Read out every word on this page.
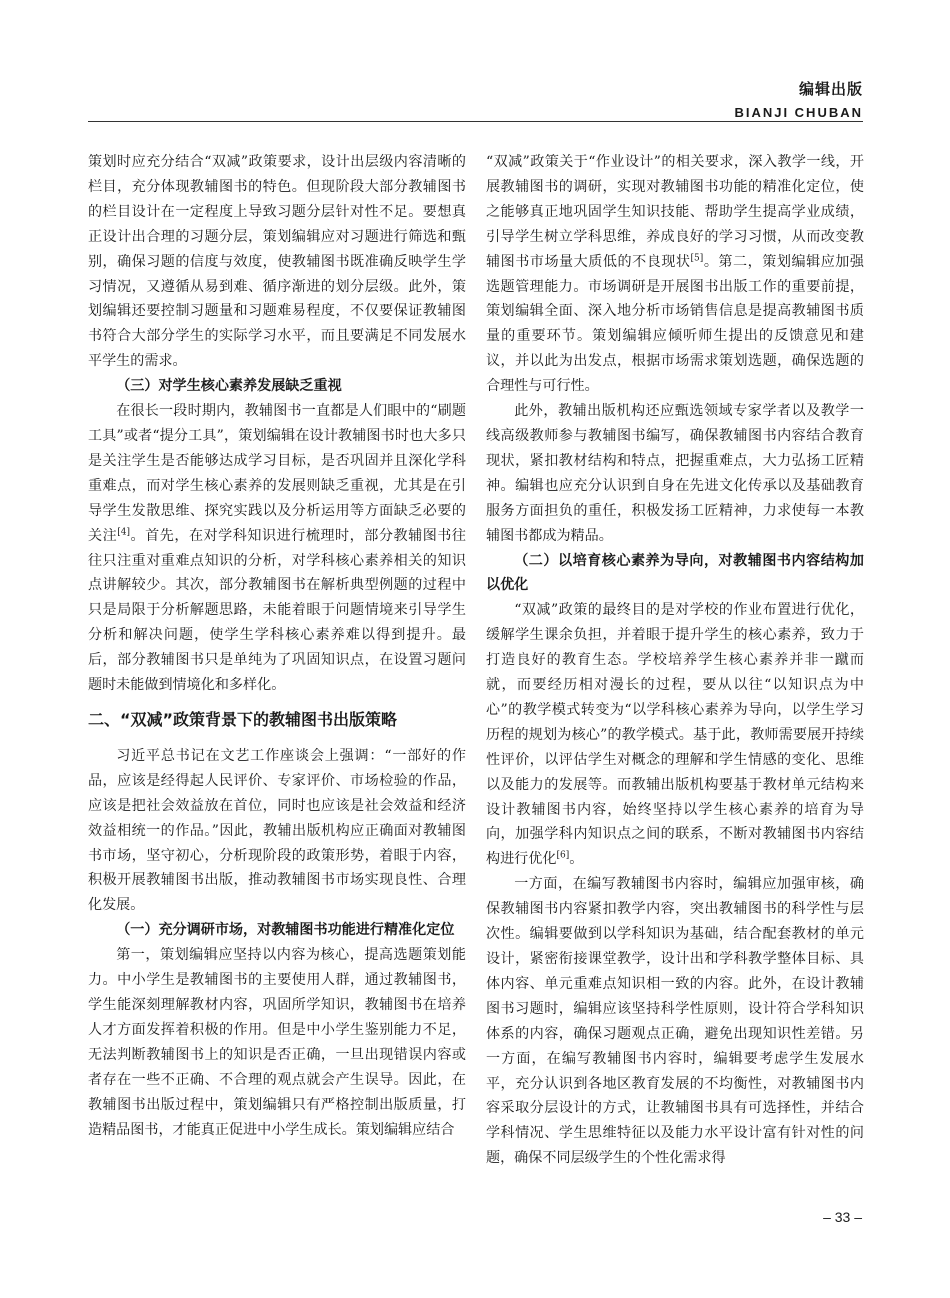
编辑出版
BIANJI CHUBAN

策划时应充分结合“双减”政策要求，设计出层级内容清晰的栏目，充分体现教辅图书的特色。但现阶段大部分教辅图书的栏目设计在一定程度上导致习题分层针对性不足。要想真正设计出合理的习题分层，策划编辑应对习题进行筛选和甄别，确保习题的信度与效度，使教辅图书既准确反映学生学习情况，又遵循从易到难、循序渐进的划分层级。此外，策划编辑还要控制习题量和习题难易程度，不仅要保证教辅图书符合大部分学生的实际学习水平，而且要满足不同发展水平学生的需求。

（三）对学生核心素养发展缺乏重视

在很长一段时期内，教辅图书一直都是人们眼中的“刷题工具”或者“提分工具”，策划编辑在设计教辅图书时也大多只是关注学生是否能够达成学习目标，是否巩固并且深化学科重难点，而对学生核心素养的发展则缺乏重视，尤其是在引导学生发散思维、探究实践以及分析运用等方面缺乏必要的关注[4]。首先，在对学科知识进行梳理时，部分教辅图书往往只注重对重难点知识的分析，对学科核心素养相关的知识点讲解较少。其次，部分教辅图书在解析典型例题的过程中只是局限于分析解题思路，未能着眼于问题情境来引导学生分析和解决问题，使学生学科核心素养难以得到提升。最后，部分教辅图书只是单纯为了巩固知识点，在设置习题问题时未能做到情境化和多样化。

二、“双减”政策背景下的教辅图书出版策略

习近平总书记在文艺工作座谈会上强调：“一部好的作品，应该是经得起人民评价、专家评价、市场检验的作品，应该是把社会效益放在首位，同时也应该是社会效益和经济效益相统一的作品。”因此，教辅出版机构应正确面对教辅图书市场，坚守初心，分析现阶段的政策形势，着眼于内容，积极开展教辅图书出版，推动教辅图书市场实现良性、合理化发展。

（一）充分调研市场，对教辅图书功能进行精准化定位

第一，策划编辑应坚持以内容为核心，提高选题策划能力。中小学生是教辅图书的主要使用人群，通过教辅图书，学生能深刻理解教材内容，巩固所学知识，教辅图书在培养人才方面发挥着积极的作用。但是中小学生鉴别能力不足，无法判断教辅图书上的知识是否正确，一旦出现错误内容或者存在一些不正确、不合理的观点就会产生误导。因此，在教辅图书出版过程中，策划编辑只有严格控制出版质量，打造精品图书，才能真正促进中小学生成长。策划编辑应结合

“双减”政策关于“作业设计”的相关要求，深入教学一线，开展教辅图书的调研，实现对教辅图书功能的精准化定位，使之能够真正地巩固学生知识技能、帮助学生提高学业成绩，引导学生树立学科思维，养成良好的学习习惯，从而改变教辅图书市场量大质低的不良现状[5]。第二，策划编辑应加强选题管理能力。市场调研是开展图书出版工作的重要前提，策划编辑全面、深入地分析市场销售信息是提高教辅图书质量的重要环节。策划编辑应倾听师生提出的反馈意见和建议，并以此为出发点，根据市场需求策划选题，确保选题的合理性与可行性。

此外，教辅出版机构还应甄选领域专家学者以及教学一线高级教师参与教辅图书编写，确保教辅图书内容结合教育现状，紧扣教材结构和特点，把握重难点，大力弘扬工匠精神。编辑也应充分认识到自身在先进文化传承以及基础教育服务方面担负的重任，积极发扬工匠精神，力求使每一本教辅图书都成为精品。

（二）以培育核心素养为导向，对教辅图书内容结构加以优化

“双减”政策的最终目的是对学校的作业布置进行优化，缓解学生课余负担，并着眼于提升学生的核心素养，致力于打造良好的教育生态。学校培养学生核心素养并非一蹴而就，而要经历相对漫长的过程，要从以往“以知识点为中心”的教学模式转变为“以学科核心素养为导向，以学生学习历程的规划为核心”的教学模式。基于此，教师需要展开持续性评价，以评估学生对概念的理解和学生情感的变化、思维以及能力的发展等。而教辅出版机构要基于教材单元结构来设计教辅图书内容，始终坚持以学生核心素养的培育为导向，加强学科内知识点之间的联系，不断对教辅图书内容结构进行优化[6]。

一方面，在编写教辅图书内容时，编辑应加强审核，确保教辅图书内容紧扣教学内容，突出教辅图书的科学性与层次性。编辑要做到以学科知识为基础，结合配套教材的单元设计，紧密衔接课堂教学，设计出和学科教学整体目标、具体内容、单元重难点知识相一致的内容。此外，在设计教辅图书习题时，编辑应该坚持科学性原则，设计符合学科知识体系的内容，确保习题观点正确，避免出现知识性差错。另一方面，在编写教辅图书内容时，编辑要考虑学生发展水平，充分认识到各地区教育发展的不均衡性，对教辅图书内容采取分层设计的方式，让教辅图书具有可选择性，并结合学科情况、学生思维特征以及能力水平设计富有针对性的问题，确保不同层级学生的个性化需求得

– 33 –
